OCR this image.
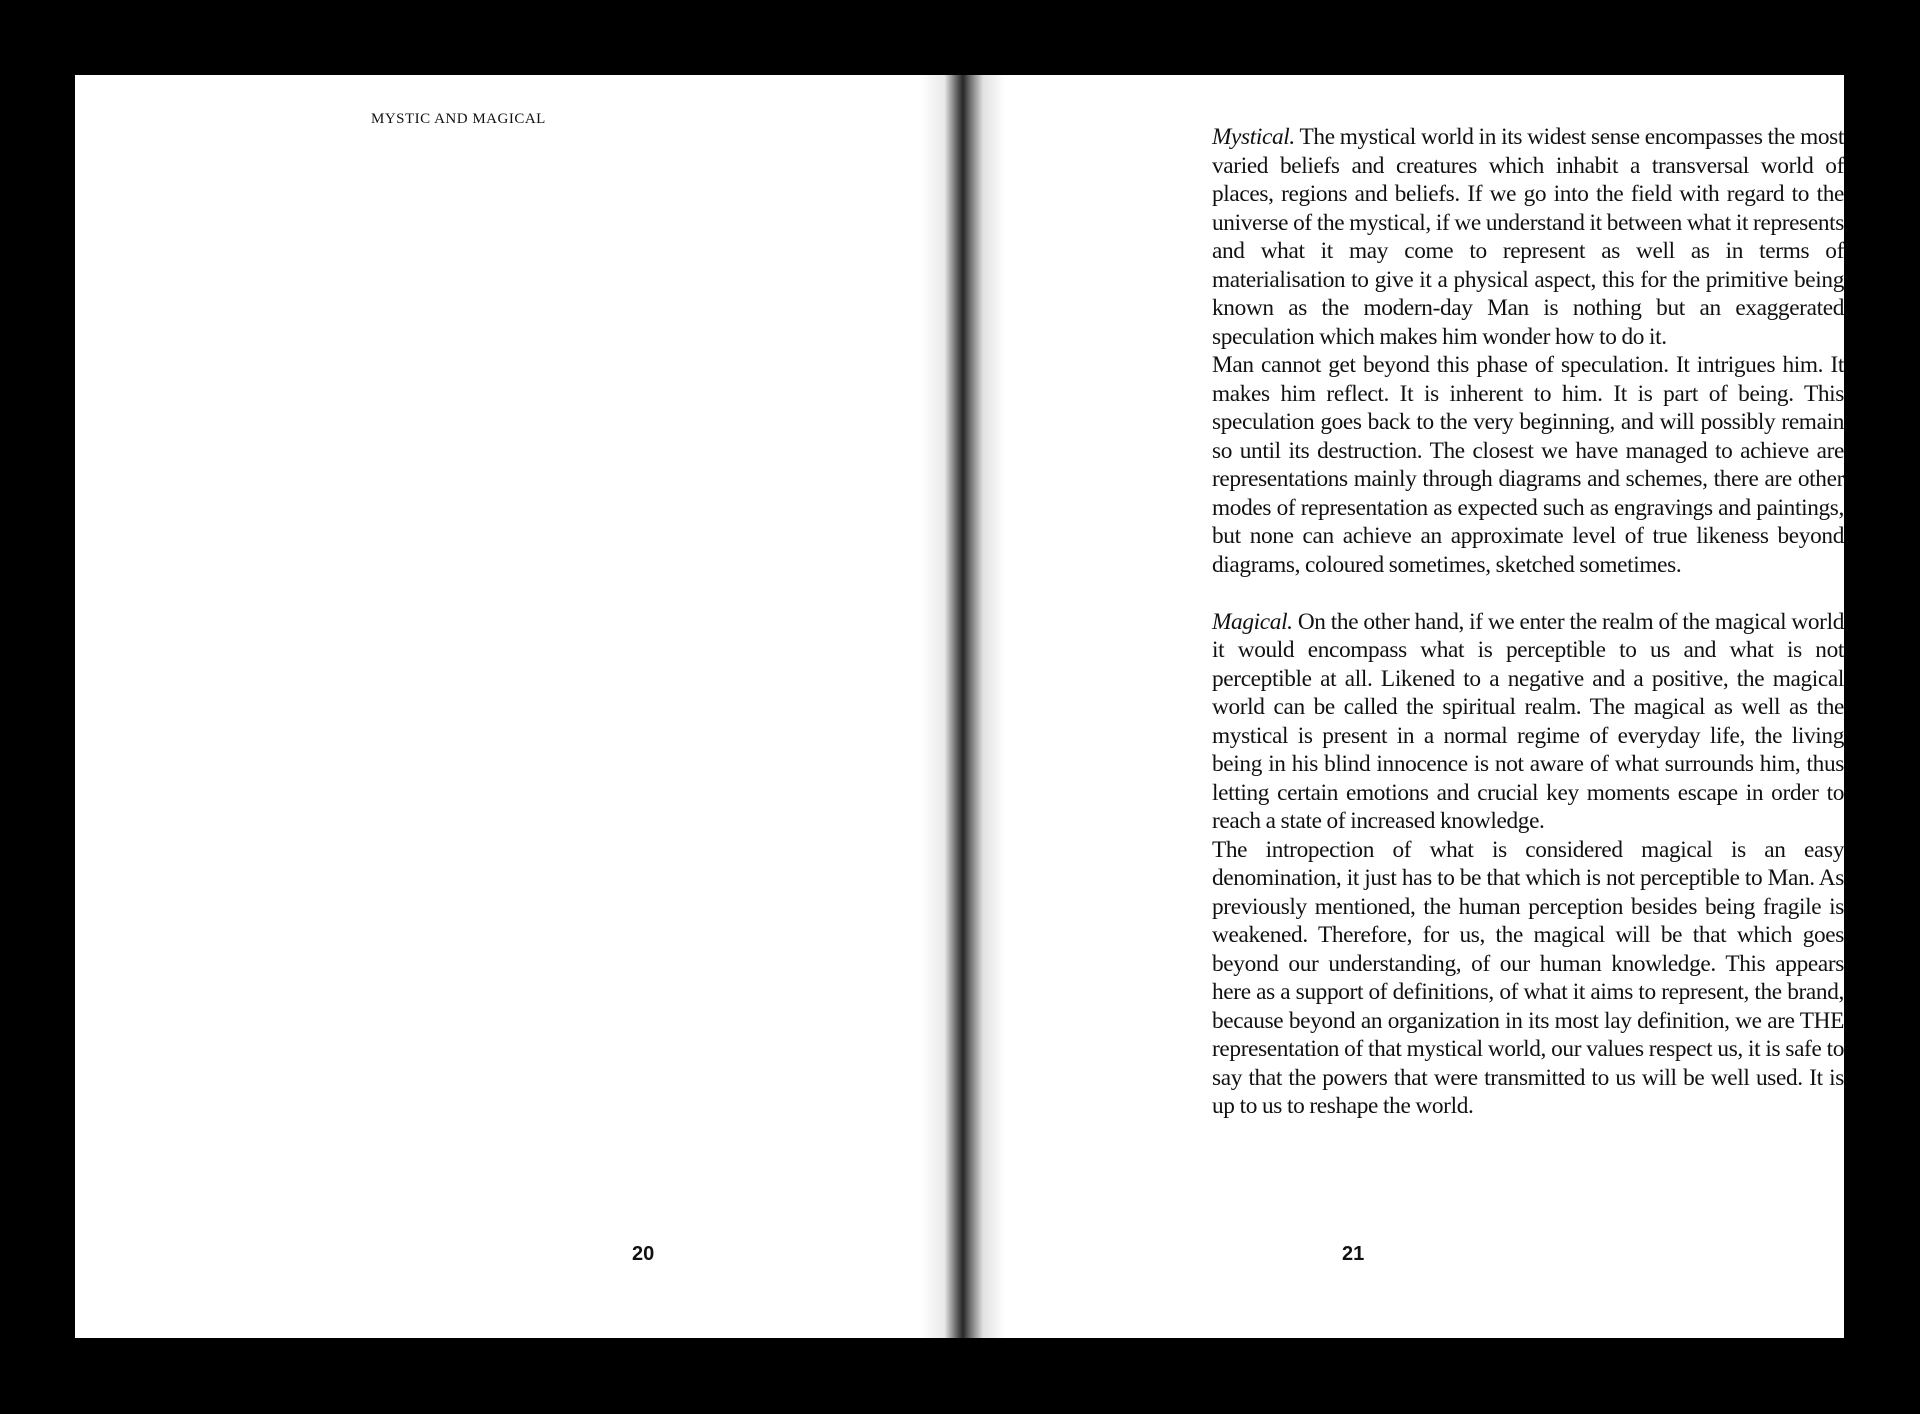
MYSTIC AND MAGICAL

20	21

Mystical. The mystical world in its widest sense encompasses the most varied beliefs and creatures which inhabit a transversal world of places, regions and beliefs. If we go into the field with regard to the universe of the mystical, if we understand it between what it represents and what it may come to represent as well as in terms of materialisation to give it a physical aspect, this for the primitive being known as the modern-day Man is nothing but an exaggerated speculation which makes him wonder how to do it.

Man cannot get beyond this phase of speculation. It intrigues him. It makes him reflect. It is inherent to him. It is part of being. This speculation goes back to the very beginning, and will possibly remain so until its destruction. The closest we have managed to achieve are representations mainly through diagrams and schemes, there are other modes of representation as expected such as engravings and paintings, but none can achieve an approximate level of true likeness beyond diagrams, coloured sometimes, sketched sometimes.

Magical. On the other hand, if we enter the realm of the magical world it would encompass what is perceptible to us and what is not perceptible at all. Likened to a negative and a positive, the magical world can be called the spiritual realm. The magical as well as the mystical is present in a normal regime of everyday life, the living being in his blind innocence is not aware of what surrounds him, thus letting certain emotions and crucial key moments escape in order to reach a state of increased knowledge.

The intropection of what is considered magical is an easy denomination, it just has to be that which is not perceptible to Man. As previously mentioned, the human perception besides being fragile is weakened. Therefore, for us, the magical will be that which goes beyond our understanding, of our human knowledge. This appears here as a support of definitions, of what it aims to represent, the brand, because beyond an organization in its most lay definition, we are THE representation of that mystical world, our values respect us, it is safe to say that the powers that were transmitted to us will be well used. It is up to us to reshape the world.
